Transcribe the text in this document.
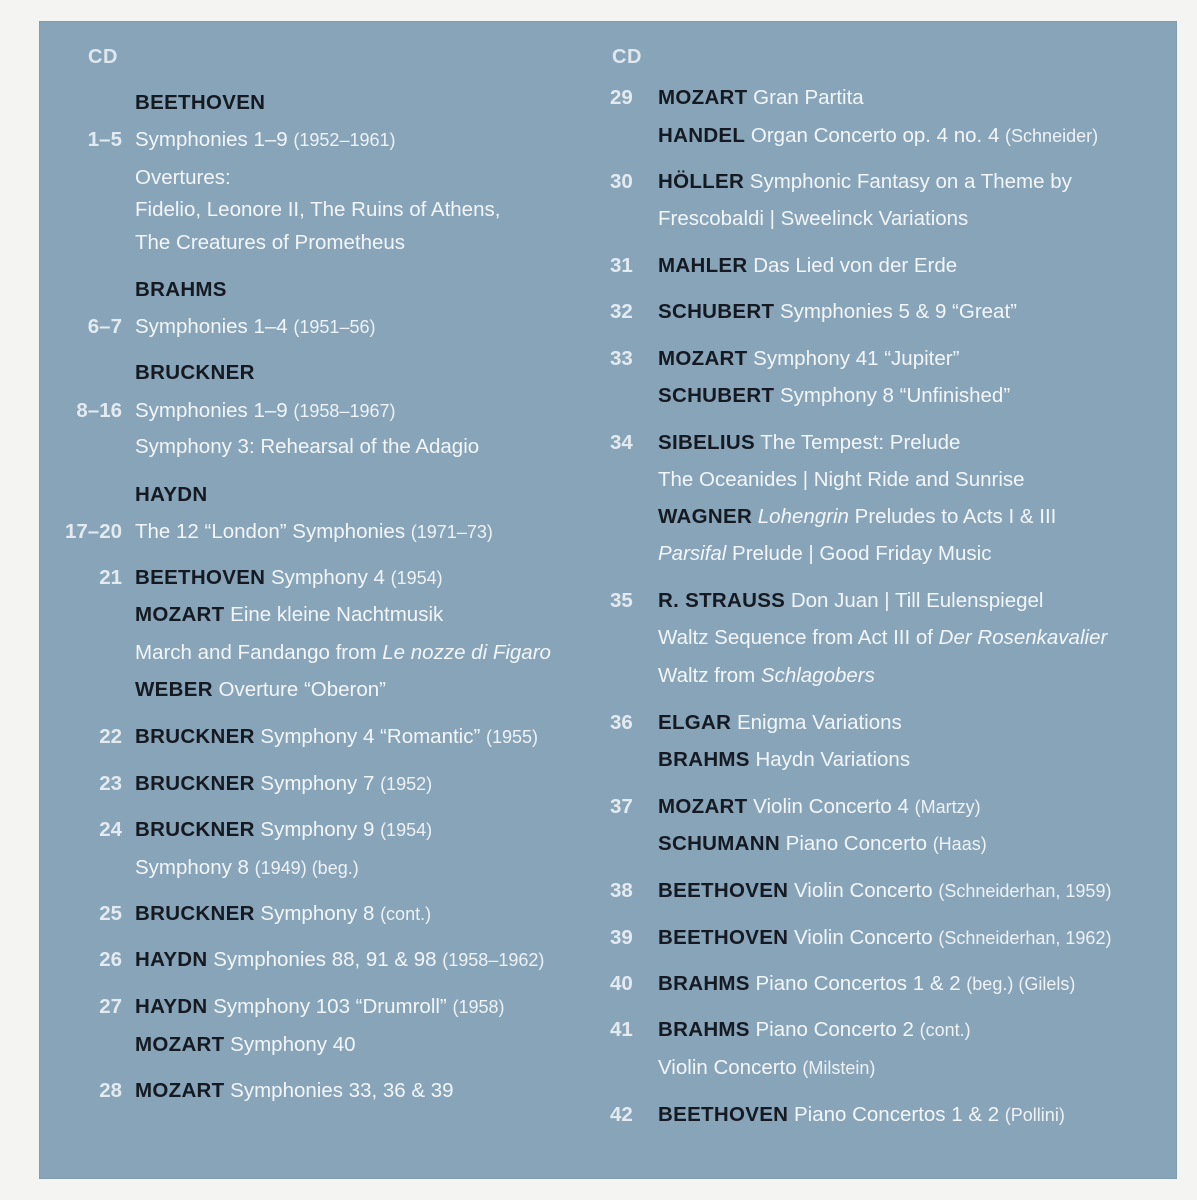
CD
BEETHOVEN
1–5 Symphonies 1–9 (1952–1961)
Overtures:
Fidelio, Leonore II, The Ruins of Athens,
The Creatures of Prometheus
BRAHMS
6–7 Symphonies 1–4 (1951–56)
BRUCKNER
8–16 Symphonies 1–9 (1958–1967)
Symphony 3: Rehearsal of the Adagio
HAYDN
17–20 The 12 “London” Symphonies (1971–73)
21 BEETHOVEN Symphony 4 (1954)
MOZART Eine kleine Nachtmusik
March and Fandango from Le nozze di Figaro
WEBER Overture “Oberon”
22 BRUCKNER Symphony 4 “Romantic” (1955)
23 BRUCKNER Symphony 7 (1952)
24 BRUCKNER Symphony 9 (1954)
Symphony 8 (1949) (beg.)
25 BRUCKNER Symphony 8 (cont.)
26 HAYDN Symphonies 88, 91 & 98 (1958–1962)
27 HAYDN Symphony 103 “Drumroll” (1958)
MOZART Symphony 40
28 MOZART Symphonies 33, 36 & 39
CD
29 MOZART Gran Partita
HANDEL Organ Concerto op. 4 no. 4 (Schneider)
30 HÖLLER Symphonic Fantasy on a Theme by
Frescobaldi | Sweelinck Variations
31 MAHLER Das Lied von der Erde
32 SCHUBERT Symphonies 5 & 9 “Great”
33 MOZART Symphony 41 “Jupiter”
SCHUBERT Symphony 8 “Unfinished”
34 SIBELIUS The Tempest: Prelude
The Oceanides | Night Ride and Sunrise
WAGNER Lohengrin Preludes to Acts I & III
Parsifal Prelude | Good Friday Music
35 R. STRAUSS Don Juan | Till Eulenspiegel
Waltz Sequence from Act III of Der Rosenkavalier
Waltz from Schlagobers
36 ELGAR Enigma Variations
BRAHMS Haydn Variations
37 MOZART Violin Concerto 4 (Martzy)
SCHUMANN Piano Concerto (Haas)
38 BEETHOVEN Violin Concerto (Schneiderhan, 1959)
39 BEETHOVEN Violin Concerto (Schneiderhan, 1962)
40 BRAHMS Piano Concertos 1 & 2 (beg.) (Gilels)
41 BRAHMS Piano Concerto 2 (cont.)
Violin Concerto (Milstein)
42 BEETHOVEN Piano Concertos 1 & 2 (Pollini)
